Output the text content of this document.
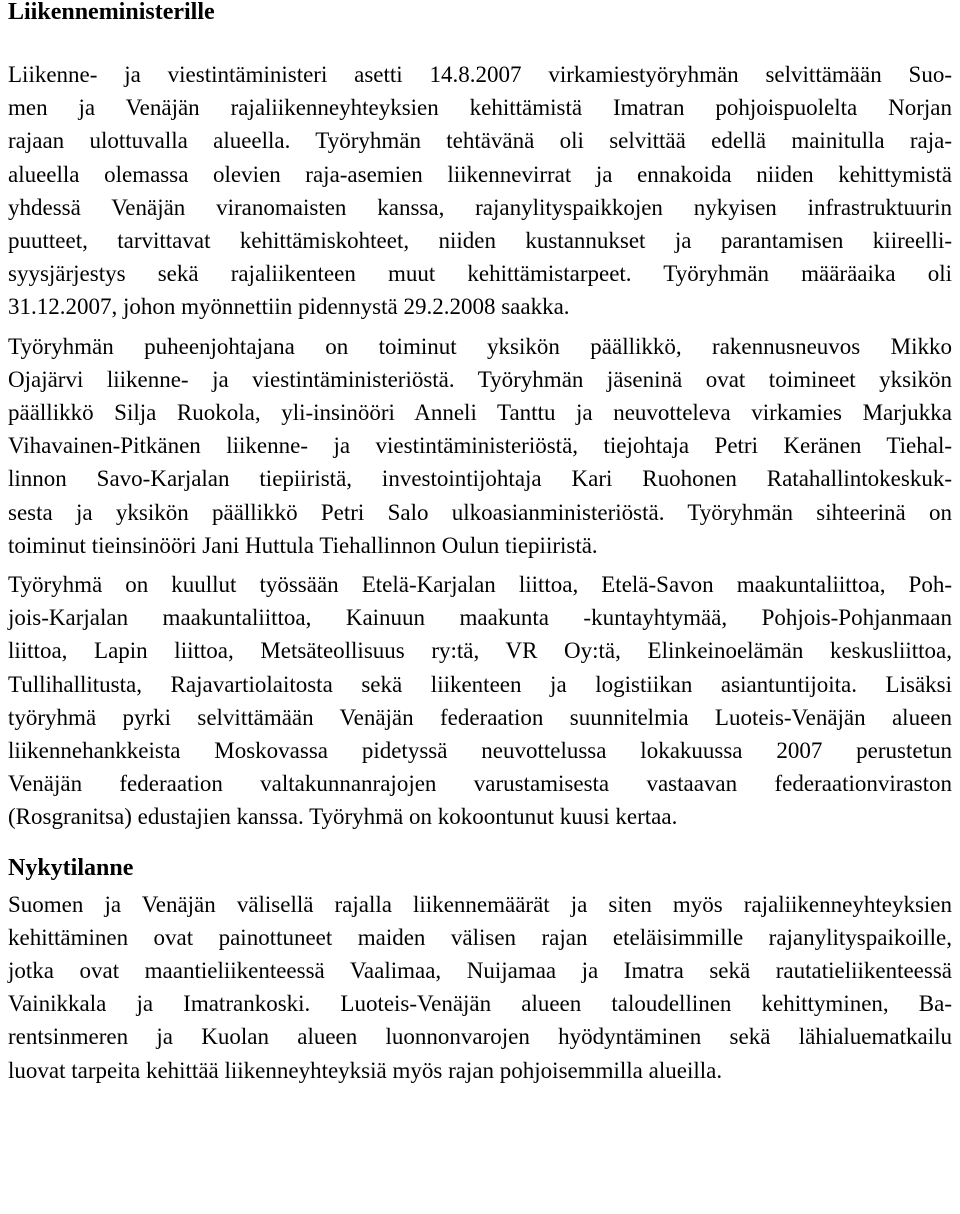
Liikenneministerille

Liikenne- ja viestintäministeri asetti 14.8.2007 virkamiestyöryhmän selvittämään Suo-
men ja Venäjän rajaliikenneyhteyksien kehittämistä Imatran pohjoispuolelta Norjan
rajaan ulottuvalla alueella. Työryhmän tehtävänä oli selvittää edellä mainitulla raja-
alueella olemassa olevien raja-asemien liikennevirrat ja ennakoida niiden kehittymistä
yhdessä Venäjän viranomaisten kanssa, rajanylityspaikkojen nykyisen infrastruktuurin
puutteet, tarvittavat kehittämiskohteet, niiden kustannukset ja parantamisen kiireelli-
syysjärjestys sekä rajaliikenteen muut kehittämistarpeet. Työryhmän määräaika oli
31.12.2007, johon myönnettiin pidennystä 29.2.2008 saakka.

Työryhmän puheenjohtajana on toiminut yksikön päällikkö, rakennusneuvos Mikko
Ojajärvi liikenne- ja viestintäministeriöstä. Työryhmän jäseninä ovat toimineet yksikön
päällikkö Silja Ruokola, yli-insinööri Anneli Tanttu ja neuvotteleva virkamies Marjukka
Vihavainen-Pitkänen liikenne- ja viestintäministeriöstä, tiejohtaja Petri Keränen Tiehal-
linnon Savo-Karjalan tiepiiristä, investointijohtaja Kari Ruohonen Ratahallintokeskuk-
sesta ja yksikön päällikkö Petri Salo ulkoasianministeriöstä. Työryhmän sihteerinä on
toiminut tieinsinööri Jani Huttula Tiehallinnon Oulun tiepiiristä.

Työryhmä on kuullut työssään Etelä-Karjalan liittoa, Etelä-Savon maakuntaliittoa, Poh-
jois-Karjalan maakuntaliittoa, Kainuun maakunta -kuntayhtymää, Pohjois-Pohjanmaan
liittoa, Lapin liittoa, Metsäteollisuus ry:tä, VR Oy:tä, Elinkeinoelämän keskusliittoa,
Tullihallitusta, Rajavartiolaitosta sekä liikenteen ja logistiikan asiantuntijoita. Lisäksi
työryhmä pyrki selvittämään Venäjän federaation suunnitelmia Luoteis-Venäjän alueen
liikennehankkeista Moskovassa pidetyssä neuvottelussa lokakuussa 2007 perustetun
Venäjän federaation valtakunnanrajojen varustamisesta vastaavan federaationviraston
(Rosgranitsa) edustajien kanssa. Työryhmä on kokoontunut kuusi kertaa.

Nykytilanne

Suomen ja Venäjän välisellä rajalla liikennemäärät ja siten myös rajaliikenneyhteyksien
kehittäminen ovat painottuneet maiden välisen rajan eteläisimmille rajanylityspaikoille,
jotka ovat maantieliikenteessä Vaalimaa, Nuijamaa ja Imatra sekä rautatieliikenteessä
Vainikkala ja Imatrankoski. Luoteis-Venäjän alueen taloudellinen kehittyminen, Ba-
rentsinmeren ja Kuolan alueen luonnonvarojen hyödyntäminen sekä lähialuematkailu
luovat tarpeita kehittää liikenneyhteyksiä myös rajan pohjoisemmilla alueilla.
